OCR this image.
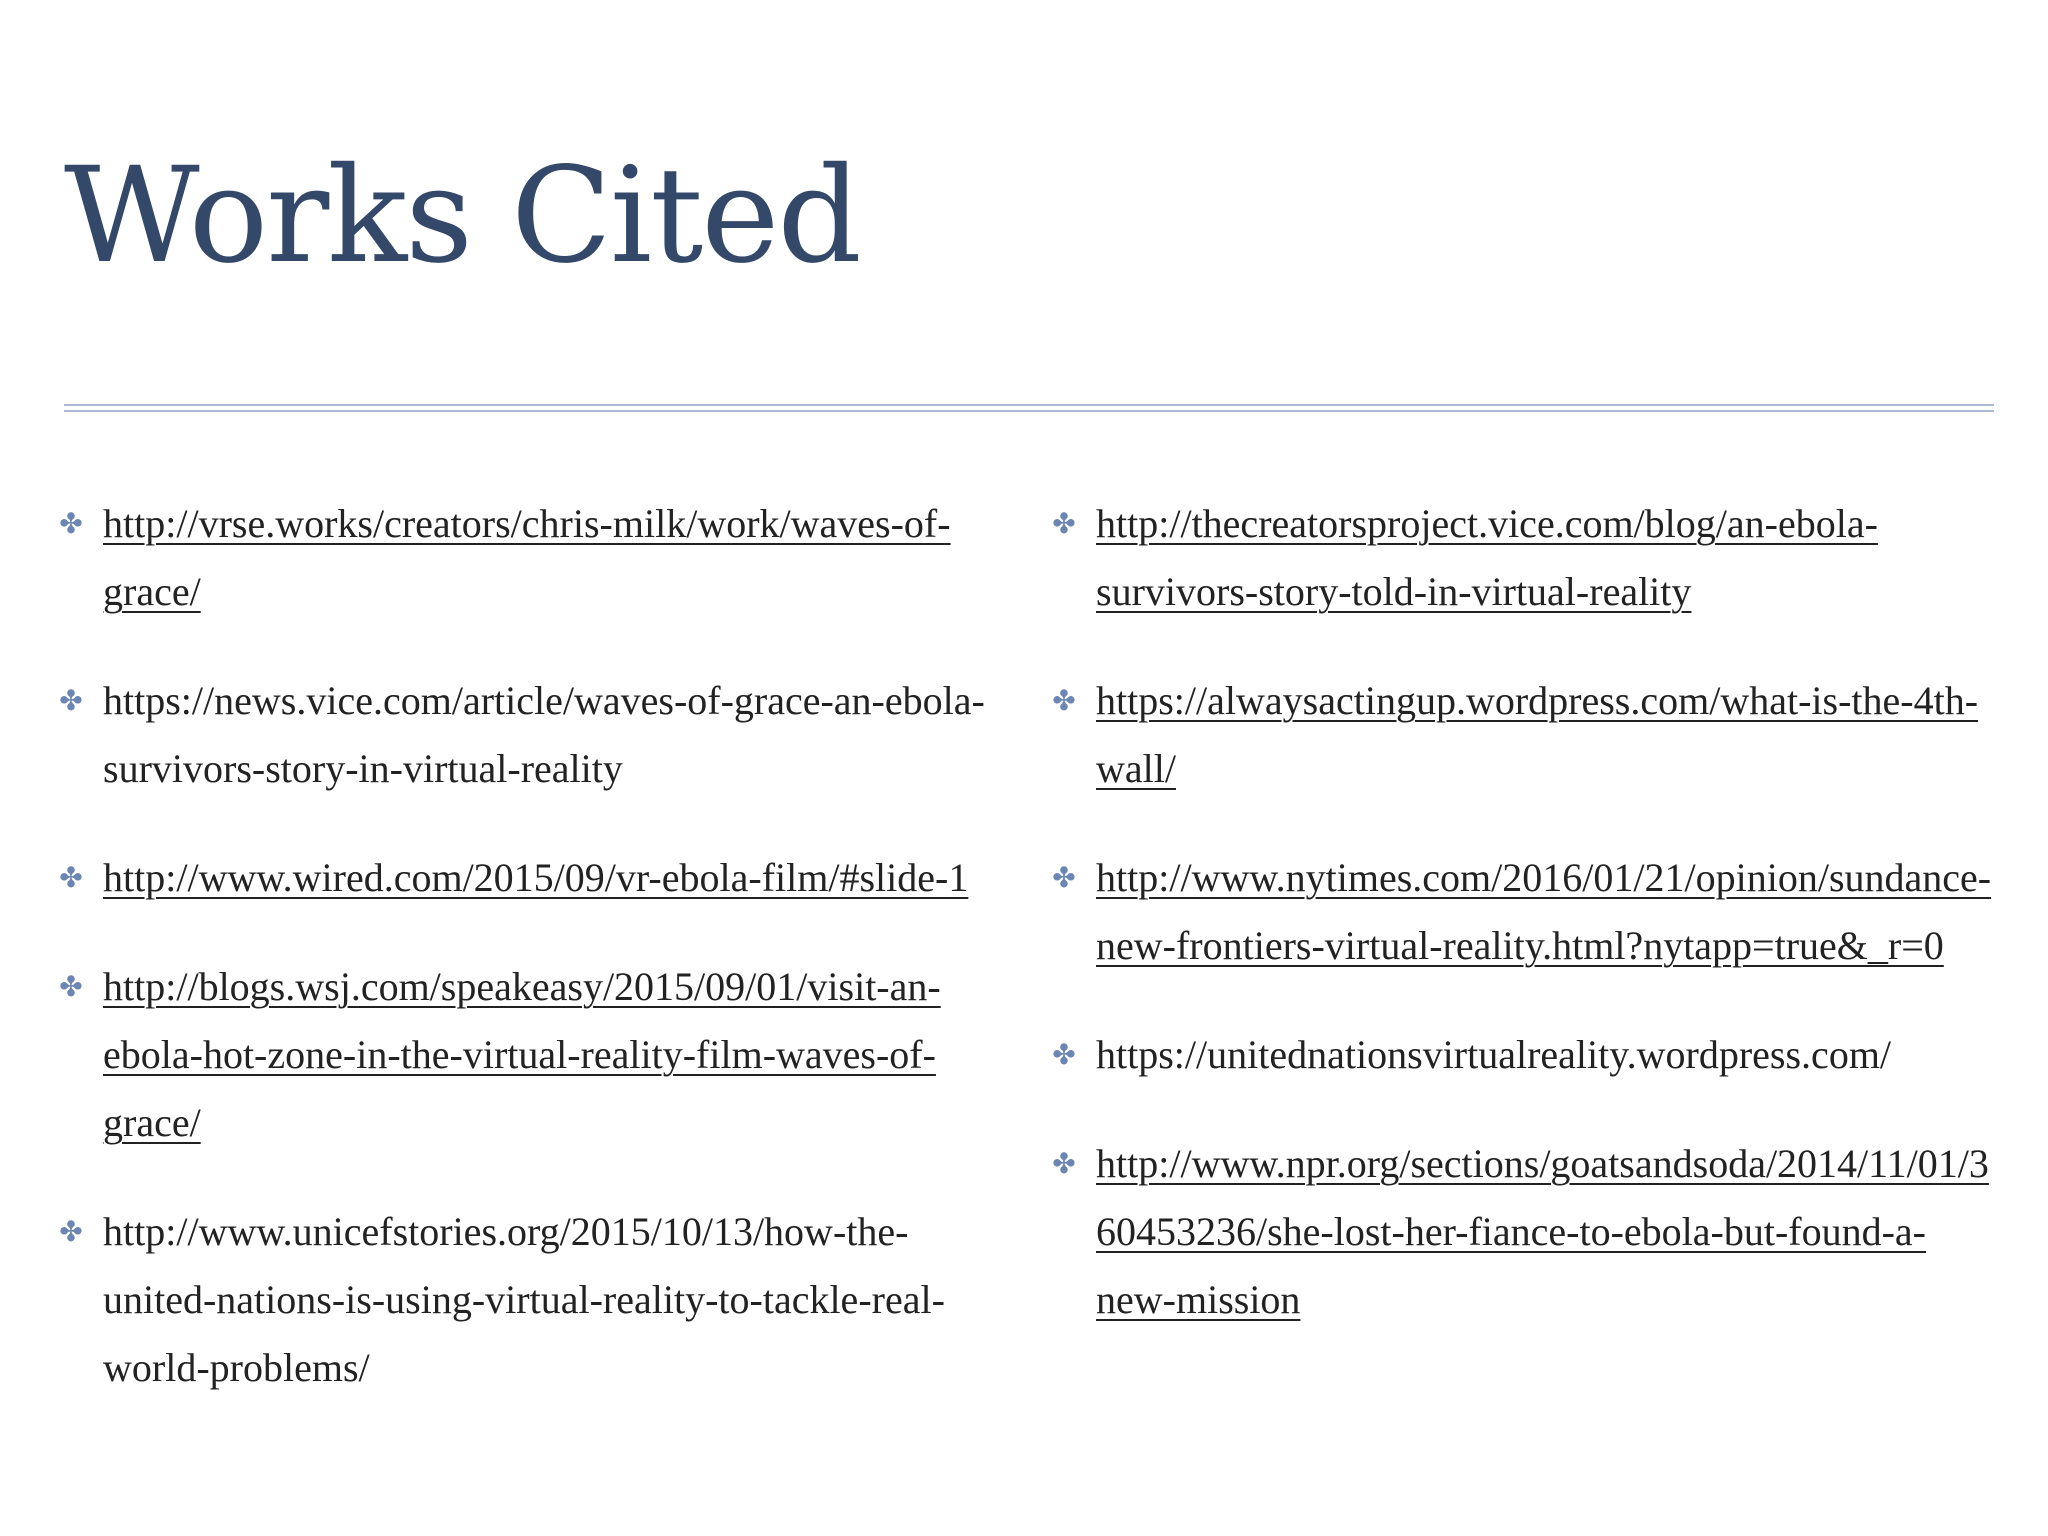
Works Cited
✤ http://vrse.works/creators/chris-milk/work/waves-of-grace/
✤ https://news.vice.com/article/waves-of-grace-an-ebola-survivors-story-in-virtual-reality
✤ http://www.wired.com/2015/09/vr-ebola-film/#slide-1
✤ http://blogs.wsj.com/speakeasy/2015/09/01/visit-an-ebola-hot-zone-in-the-virtual-reality-film-waves-of-grace/
✤ http://www.unicefstories.org/2015/10/13/how-the-united-nations-is-using-virtual-reality-to-tackle-real-world-problems/
✤ http://thecreatorsproject.vice.com/blog/an-ebola-survivors-story-told-in-virtual-reality
✤ https://alwaysactingup.wordpress.com/what-is-the-4th-wall/
✤ http://www.nytimes.com/2016/01/21/opinion/sundance-new-frontiers-virtual-reality.html?nytapp=true&_r=0
✤ https://unitednationsvirtualreality.wordpress.com/
✤ http://www.npr.org/sections/goatsandsoda/2014/11/01/360453236/she-lost-her-fiance-to-ebola-but-found-a-new-mission
